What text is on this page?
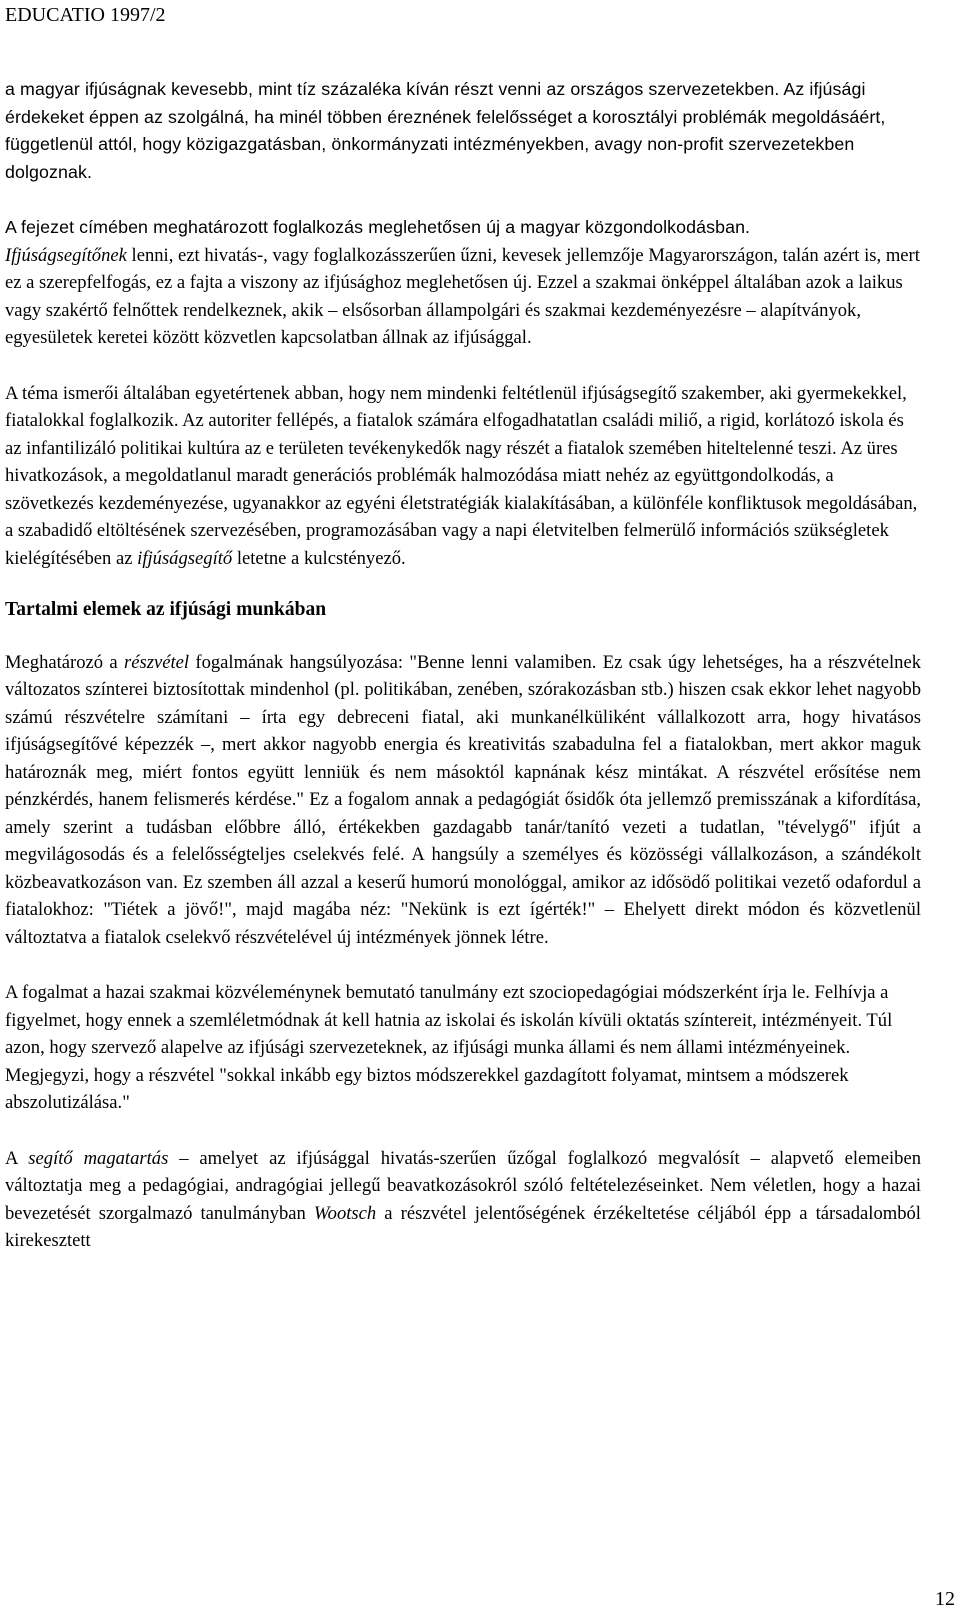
EDUCATIO 1997/2

a magyar ifjúságnak kevesebb, mint tíz százaléka kíván részt venni az országos szervezetekben. Az ifjúsági érdekeket éppen az szolgálná, ha minél többen éreznének felelősséget a korosztályi problémák megoldásáért, függetlenül attól, hogy közigazgatásban, önkormányzati intézményekben, avagy non-profit szervezetekben dolgoznak.

A fejezet címében meghatározott foglalkozás meglehetősen új a magyar közgondolkodásban.

Ifjúságsegítőnek lenni, ezt hivatás-, vagy foglalkozásszerűen űzni, kevesek jellemzője Magyarországon, talán azért is, mert ez a szerepfelfogás, ez a fajta a viszony az ifjúsághoz meglehetősen új. Ezzel a szakmai önképpel általában azok a laikus vagy szakértő felnőttek rendelkeznek, akik – elsősorban állampolgári és szakmai kezdeményezésre – alapítványok, egyesületek keretei között közvetlen kapcsolatban állnak az ifjúsággal.

A téma ismerői általában egyetértenek abban, hogy nem mindenki feltétlenül ifjúságsegítő szakember, aki gyermekekkel, fiatalokkal foglalkozik. Az autoriter fellépés, a fiatalok számára elfogadhatatlan családi miliő, a rigid, korlátozó iskola és az infantilizáló politikai kultúra az e területen tevékenykedők nagy részét a fiatalok szemében hiteltelenné teszi. Az üres hivatkozások, a megoldatlanul maradt generációs problémák halmozódása miatt nehéz az együttgondolkodás, a szövetkezés kezdeményezése, ugyanakkor az egyéni életstratégiák kialakításában, a különféle konfliktusok megoldásában, a szabadidő eltöltésének szervezésében, programozásában vagy a napi életvitelben felmerülő információs szükségletek kielégítésében az ifjúságsegítő letetne a kulcstényező.

Tartalmi elemek az ifjúsági munkában

Meghatározó a részvétel fogalmának hangsúlyozása: "Benne lenni valamiben. Ez csak úgy lehetséges, ha a részvételnek változatos színterei biztosítottak mindenhol (pl. politikában, zenében, szórakozásban stb.) hiszen csak ekkor lehet nagyobb számú részvételre számítani – írta egy debreceni fiatal, aki munkanélküliként vállalkozott arra, hogy hivatásos ifjúságsegítővé képezzék –, mert akkor nagyobb energia és kreativitás szabadulna fel a fiatalokban, mert akkor maguk határoznák meg, miért fontos együtt lenniük és nem másoktól kapnának kész mintákat. A részvétel erősítése nem pénzkérdés, hanem felismerés kérdése." Ez a fogalom annak a pedagógiát ősidők óta jellemző premisszának a kifordítása, amely szerint a tudásban előbbre álló, értékekben gazdagabb tanár/tanító vezeti a tudatlan, "tévelygő" ifjút a megvilágosodás és a felelősségteljes cselekvés felé. A hangsúly a személyes és közösségi vállalkozáson, a szándékolt közbeavatkozáson van. Ez szemben áll azzal a keserű humorú monológgal, amikor az idősödő politikai vezető odafordul a fiatalokhoz: "Tiétek a jövő!", majd magába néz: "Nekünk is ezt ígérték!" – Ehelyett direkt módon és közvetlenül változtatva a fiatalok cselekvő részvételével új intézmények jönnek létre.

A fogalmat a hazai szakmai közvéleménynek bemutató tanulmány ezt szociopedagógiai módszerként írja le. Felhívja a figyelmet, hogy ennek a szemléletmódnak át kell hatnia az iskolai és iskolán kívüli oktatás színtereit, intézményeit. Túl azon, hogy szervező alapelve az ifjúsági szervezeteknek, az ifjúsági munka állami és nem állami intézményeinek. Megjegyzi, hogy a részvétel "sokkal inkább egy biztos módszerekkel gazdagított folyamat, mintsem a módszerek abszolutizálása."

A segítő magatartás – amelyet az ifjúsággal hivatás-szerűen űzőgal foglalkozó megvalósít – alapvető elemeiben változtatja meg a pedagógiai, andragógiai jellegű beavatkozásokról szóló feltételezéseinket. Nem véletlen, hogy a hazai bevezetését szorgalmazó tanulmányban Wootsch a részvétel jelentőségének érzékeltetése céljából épp a társadalomból kirekesztett

12
